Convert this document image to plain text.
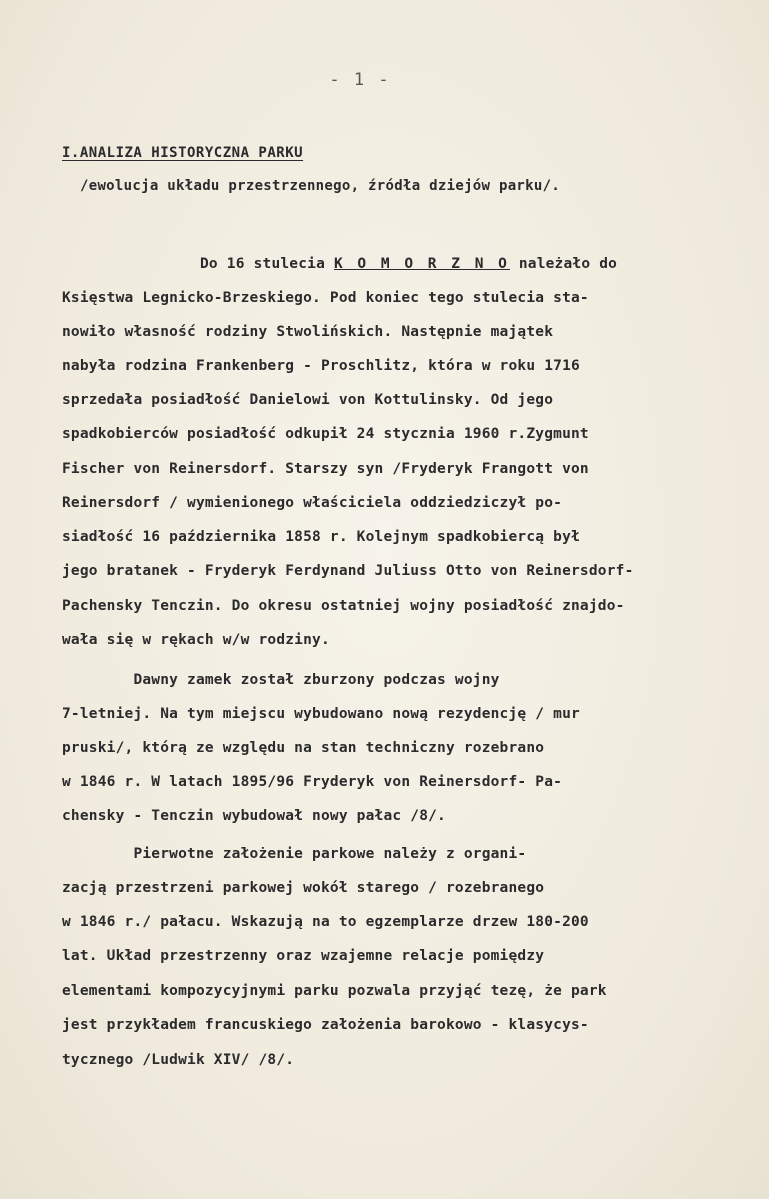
- 1 -
I.ANALIZA HISTORYCZNA PARKU
/ewolucja układu przestrzennego, źródła dziejów parku/.
Do 16 stulecia K O M O R Z N O należało do
Księstwa Legnicko-Brzeskiego. Pod koniec tego stulecia sta-
nowiło własność rodziny Stwolińskich. Następnie majątek
nabyła rodzina Frankenberg - Proschlitz, która w roku 1716
sprzedała posiadłość Danielowi von Kottulinsky. Od jego
spadkobierców posiadłość odkupił 24 stycznia 1960 r.Zygmunt
Fischer von Reinersdorf. Starszy syn /Fryderyk Frangott von
Reinersdorf / wymienionego właściciela oddziedziczył po-
siadłość 16 października 1858 r. Kolejnym spadkobiercą był
jego bratanek - Fryderyk Ferdynand Juliuss Otto von Reinersdorf-
Pachensky Tenczin. Do okresu ostatniej wojny posiadłość znajdo-
wała się w rękach w/w rodziny.
Dawny zamek został zburzony podczas wojny
7-letniej. Na tym miejscu wybudowano nową rezydencję / mur
pruski/, którą ze względu na stan techniczny rozebrano
w 1846 r. W latach 1895/96 Fryderyk von Reinersdorf- Pa-
chensky - Tenczin wybudował nowy pałac /8/.
Pierwotne założenie parkowe należy z organi-
zacją przestrzeni parkowej wokół starego / rozebranego
w 1846 r./ pałacu. Wskazują na to egzemplarze drzew 180-200
lat. Układ przestrzenny oraz wzajemne relacje pomiędzy
elementami kompozycyjnymi parku pozwala przyjąć tezę, że park
jest przykładem francuskiego założenia barokowo - klasycys-
tycznego /Ludwik XIV/ /8/.
